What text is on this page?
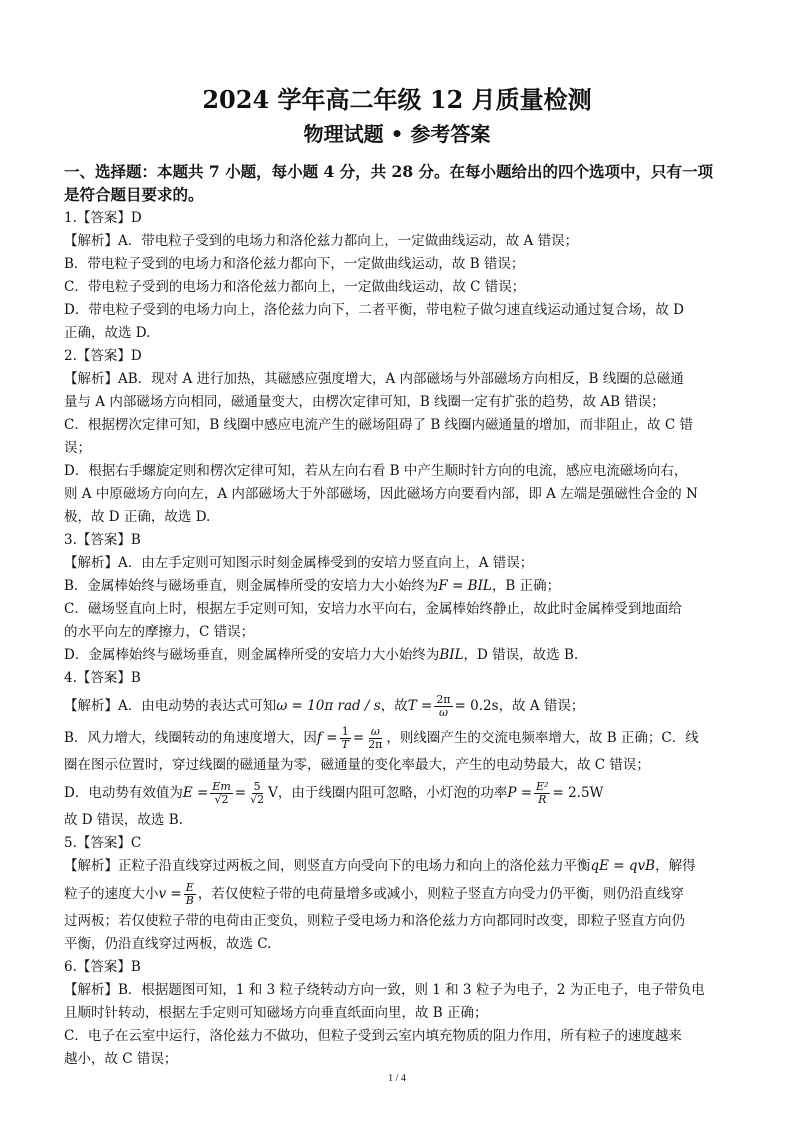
2024 学年高二年级 12 月质量检测
物理试题 • 参考答案
一、选择题：本题共 7 小题，每小题 4 分，共 28 分。在每小题给出的四个选项中，只有一项
是符合题目要求的。
1.【答案】D
【解析】A．带电粒子受到的电场力和洛伦兹力都向上，一定做曲线运动，故 A 错误；
B．带电粒子受到的电场力和洛伦兹力都向下，一定做曲线运动，故 B 错误；
C．带电粒子受到的电场力和洛伦兹力都向上，一定做曲线运动，故 C 错误；
D．带电粒子受到的电场力向上，洛伦兹力向下，二者平衡，带电粒子做匀速直线运动通过复合场，故 D
正确，故选 D.
2.【答案】D
【解析】AB．现对 A 进行加热，其磁感应强度增大，A 内部磁场与外部磁场方向相反，B 线圈的总磁通
量与 A 内部磁场方向相同，磁通量变大，由楞次定律可知，B 线圈一定有扩张的趋势，故 AB 错误；
C．根据楞次定律可知，B 线圈中感应电流产生的磁场阻碍了 B 线圈内磁通量的增加，而非阻止，故 C 错
误；
D．根据右手螺旋定则和楞次定律可知，若从左向右看 B 中产生顺时针方向的电流，感应电流磁场向右，
则 A 中原磁场方向向左，A 内部磁场大于外部磁场，因此磁场方向要看内部，即 A 左端是强磁性合金的 N
极，故 D 正确，故选 D.
3.【答案】B
【解析】A．由左手定则可知图示时刻金属棒受到的安培力竖直向上，A 错误；
B．金属棒始终与磁场垂直，则金属棒所受的安培力大小始终为F = BIL，B 正确；
C．磁场竖直向上时，根据左手定则可知，安培力水平向右，金属棒始终静止，故此时金属棒受到地面给
的水平向左的摩擦力，C 错误；
D．金属棒始终与磁场垂直，则金属棒所受的安培力大小始终为BIL，D 错误，故选 B.
4.【答案】B
【解析】A．由电动势的表达式可知ω = 10π rad / s，故$T = \frac{2\pi}{\omega} = 0.2s$，故 A 错误；
B．风力增大，线圈转动的角速度增大，因$f = \frac{1}{T} = \frac{\omega}{2\pi}$ ，则线圈产生的交流电频率增大，故 B 正确；C．线
圈在图示位置时，穿过线圈的磁通量为零，磁通量的变化率最大，产生的电动势最大，故 C 错误；
D．电动势有效值为$E = \frac{Em}{√2} = \frac{5}{√2}$ V，由于线圈内阻可忽略，小灯泡的功率$P = \frac{\text{E²}}{R} = 2.5W$
故 D 错误，故选 B.
5.【答案】C
【解析】正粒子沿直线穿过两板之间，则竖直方向受向下的电场力和向上的洛伦兹力平衡qE = qvB，解得
粒子的速度大小$v = \frac{E}{B}$ ，若仅使粒子带的电荷量增多或减小，则粒子竖直方向受力仍平衡，则仍沿直线穿
过两板；若仅使粒子带的电荷由正变负，则粒子受电场力和洛伦兹力方向都同时改变，即粒子竖直方向仍
平衡，仍沿直线穿过两板，故选 C.
6.【答案】B
【解析】B．根据题图可知，1 和 3 粒子绕转动方向一致，则 1 和 3 粒子为电子，2 为正电子，电子带负电
且顺时针转动，根据左手定则可知磁场方向垂直纸面向里，故 B 正确；
C．电子在云室中运行，洛伦兹力不做功，但粒子受到云室内填充物质的阻力作用，所有粒子的速度越来
越小，故 C 错误；
1 / 4
